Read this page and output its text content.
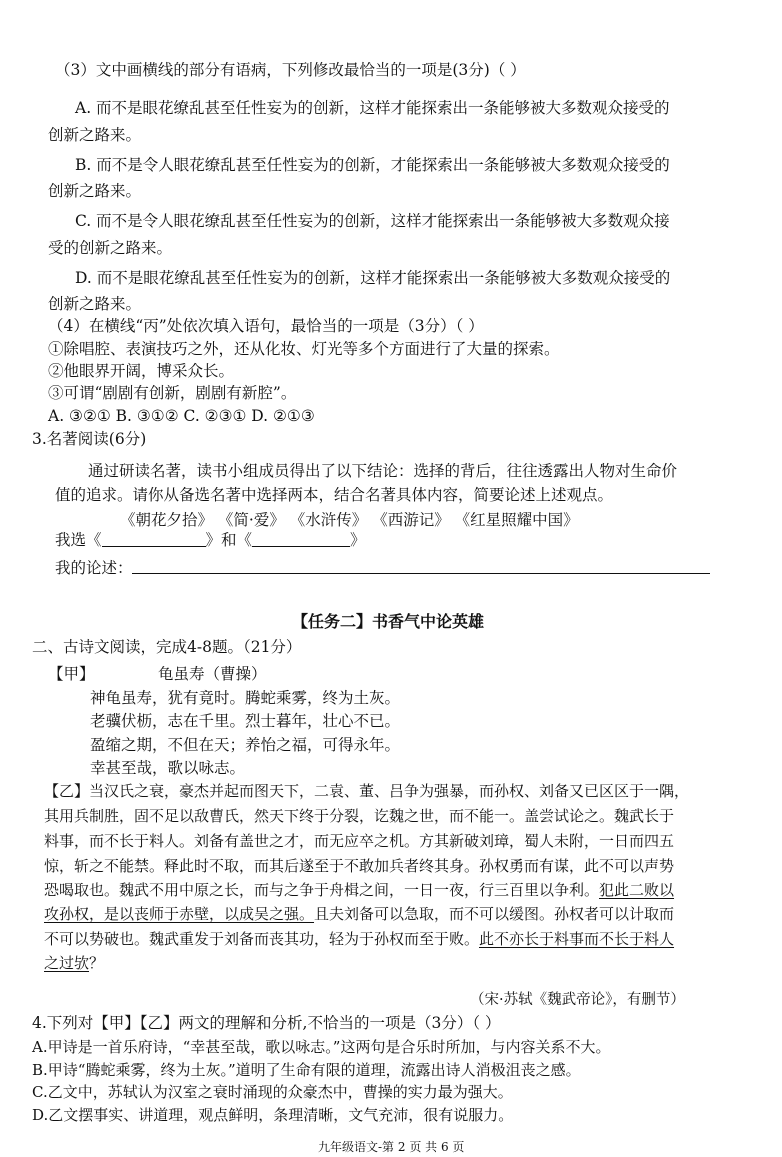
（3）文中画横线的部分有语病，下列修改最恰当的一项是(3分)（ ）
A. 而不是眼花缭乱甚至任性妄为的创新，这样才能探索出一条能够被大多数观众接受的
创新之路来。
B. 而不是令人眼花缭乱甚至任性妄为的创新，才能探索出一条能够被大多数观众接受的
创新之路来。
C. 而不是令人眼花缭乱甚至任性妄为的创新，这样才能探索出一条能够被大多数观众接
受的创新之路来。
D. 而不是眼花缭乱甚至任性妄为的创新，这样才能探索出一条能够被大多数观众接受的
创新之路来。
（4）在横线“丙”处依次填入语句，最恰当的一项是（3分）（ ）
①除唱腔、表演技巧之外，还从化妆、灯光等多个方面进行了大量的探索。
②他眼界开阔，博采众长。
③可谓“剧剧有创新，剧剧有新腔”。
A. ③②① B. ③①② C. ②③① D. ②①③
3.名著阅读(6分)
通过研读名著，读书小组成员得出了以下结论：选择的背后，往往透露出人物对生命价
值的追求。请你从备选名著中选择两本，结合名著具体内容，简要论述上述观点。
《朝花夕拾》 《简·爱》 《水浒传》 《西游记》 《红星照耀中国》
我选《	》和《	》
我的论述：
【任务二】书香气中论英雄
二、古诗文阅读，完成4-8题。（21分）
【甲】	龟虽寿（曹操）
神龟虽寿，犹有竟时。腾蛇乘雾，终为土灰。
老骥伏枥，志在千里。烈士暮年，壮心不已。
盈缩之期，不但在天；养怡之福，可得永年。
幸甚至哉，歌以咏志。
【乙】当汉氏之衰，豪杰并起而图天下，二袁、董、吕争为强暴，而孙权、刘备又已区区于一隅，
其用兵制胜，固不足以敌曹氏，然天下终于分裂，讫魏之世，而不能一。盖尝试论之。魏武长于
料事，而不长于料人。刘备有盖世之才，而无应卒之机。方其新破刘璋，蜀人未附，一日而四五
惊，斩之不能禁。释此时不取，而其后遂至于不敢加兵者终其身。孙权勇而有谋，此不可以声势
恐喝取也。魏武不用中原之长，而与之争于舟楫之间，一日一夜，行三百里以争利。犯此二败以
攻孙权，是以丧师于赤壁，以成吴之强。且夫刘备可以急取，而不可以缓图。孙权者可以计取而
不可以势破也。魏武重发于刘备而丧其功，轻为于孙权而至于败。此不亦长于料事而不长于料人
之过欤？
（宋·苏轼《魏武帝论》，有删节）
4.下列对【甲】【乙】两文的理解和分析,不恰当的一项是（3分）（ ）
A.甲诗是一首乐府诗，“幸甚至哉，歌以咏志。”这两句是合乐时所加，与内容关系不大。
B.甲诗“腾蛇乘雾，终为土灰。”道明了生命有限的道理，流露出诗人消极沮丧之感。
C.乙文中，苏轼认为汉室之衰时涌现的众豪杰中，曹操的实力最为强大。
D.乙文摆事实、讲道理，观点鲜明，条理清晰，文气充沛，很有说服力。
九年级语文-第 2 页 共 6 页
